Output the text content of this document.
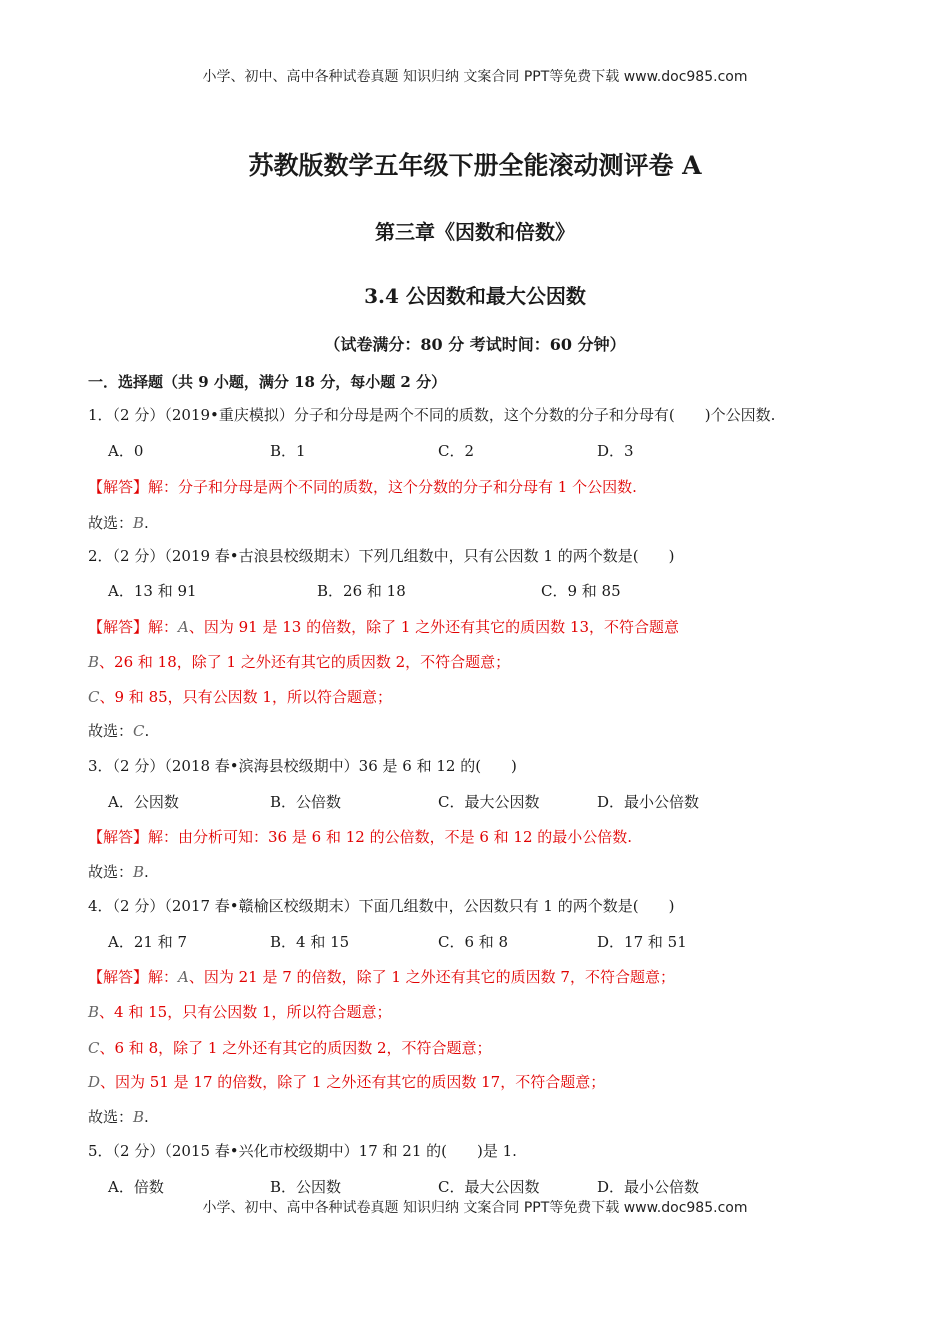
小学、初中、高中各种试卷真题 知识归纳 文案合同 PPT等免费下载 www.doc985.com
苏教版数学五年级下册全能滚动测评卷 A
第三章《因数和倍数》
3.4 公因数和最大公因数
（试卷满分：80 分 考试时间：60 分钟）
一．选择题（共 9 小题，满分 18 分，每小题 2 分）
1．（2 分）（2019•重庆模拟）分子和分母是两个不同的质数，这个分数的分子和分母有(　　)个公因数.
A．0	B．1	C．2	D．3
【解答】解：分子和分母是两个不同的质数，这个分数的分子和分母有 1 个公因数.
故选：B.
2．（2 分）（2019 春•古浪县校级期末）下列几组数中，只有公因数 1 的两个数是(　　)
A．13 和 91	B．26 和 18	C．9 和 85
【解答】解：A、因为 91 是 13 的倍数，除了 1 之外还有其它的质因数 13，不符合题意
B、26 和 18，除了 1 之外还有其它的质因数 2，不符合题意；
C、9 和 85，只有公因数 1，所以符合题意；
故选：C.
3．（2 分）（2018 春•滨海县校级期中）36 是 6 和 12 的(　　)
A．公因数	B．公倍数	C．最大公因数	D．最小公倍数
【解答】解：由分析可知：36 是 6 和 12 的公倍数，不是 6 和 12 的最小公倍数.
故选：B.
4．（2 分）（2017 春•赣榆区校级期末）下面几组数中，公因数只有 1 的两个数是(　　)
A．21 和 7	B．4 和 15	C．6 和 8	D．17 和 51
【解答】解：A、因为 21 是 7 的倍数，除了 1 之外还有其它的质因数 7，不符合题意；
B、4 和 15，只有公因数 1，所以符合题意；
C、6 和 8，除了 1 之外还有其它的质因数 2，不符合题意；
D、因为 51 是 17 的倍数，除了 1 之外还有其它的质因数 17，不符合题意；
故选：B.
5．（2 分）（2015 春•兴化市校级期中）17 和 21 的(　　)是 1.
A．倍数	B．公因数	C．最大公因数	D．最小公倍数
小学、初中、高中各种试卷真题 知识归纳 文案合同 PPT等免费下载 www.doc985.com
